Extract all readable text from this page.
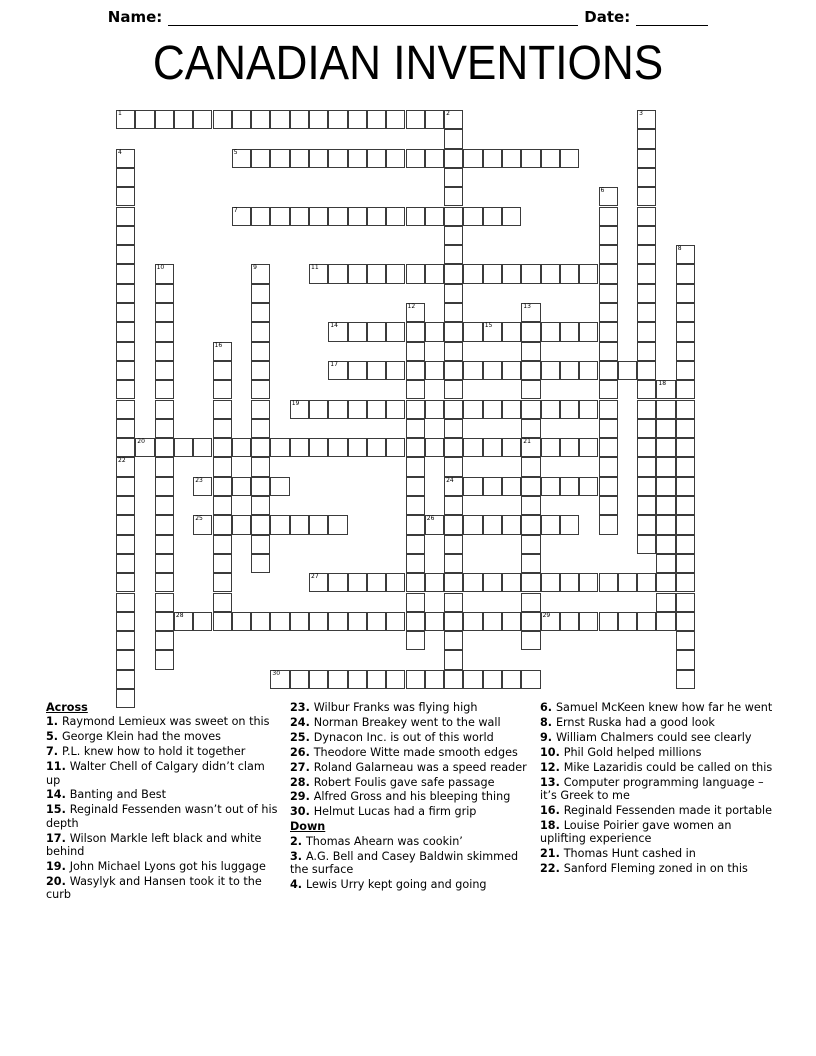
Name:	Date:
CANADIAN INVENTIONS
1	2
24
3
4
22
5
6
7
8
9
10	11
12	13
21
14	15
16
17
18
19
20
23
25	26
27
28	29
30
Across
1. Raymond Lemieux was sweet on this
5. George Klein had the moves
7. P.L. knew how to hold it together
11. Walter Chell of Calgary didn’t clam up
14. Banting and Best
15. Reginald Fessenden wasn’t out of his depth
17. Wilson Markle left black and white behind
19. John Michael Lyons got his luggage
20. Wasylyk and Hansen took it to the curb
23. Wilbur Franks was flying high
24. Norman Breakey went to the wall
25. Dynacon Inc. is out of this world
26. Theodore Witte made smooth edges
27. Roland Galarneau was a speed reader
28. Robert Foulis gave safe passage
29. Alfred Gross and his bleeping thing
30. Helmut Lucas had a firm grip
Down
2. Thomas Ahearn was cookin’
3. A.G. Bell and Casey Baldwin skimmed the surface
4. Lewis Urry kept going and going
6. Samuel McKeen knew how far he went
8. Ernst Ruska had a good look
9. William Chalmers could see clearly
10. Phil Gold helped millions
12. Mike Lazaridis could be called on this
13. Computer programming language – it’s Greek to me
16. Reginald Fessenden made it portable
18. Louise Poirier gave women an uplifting experience
21. Thomas Hunt cashed in
22. Sanford Fleming zoned in on this
